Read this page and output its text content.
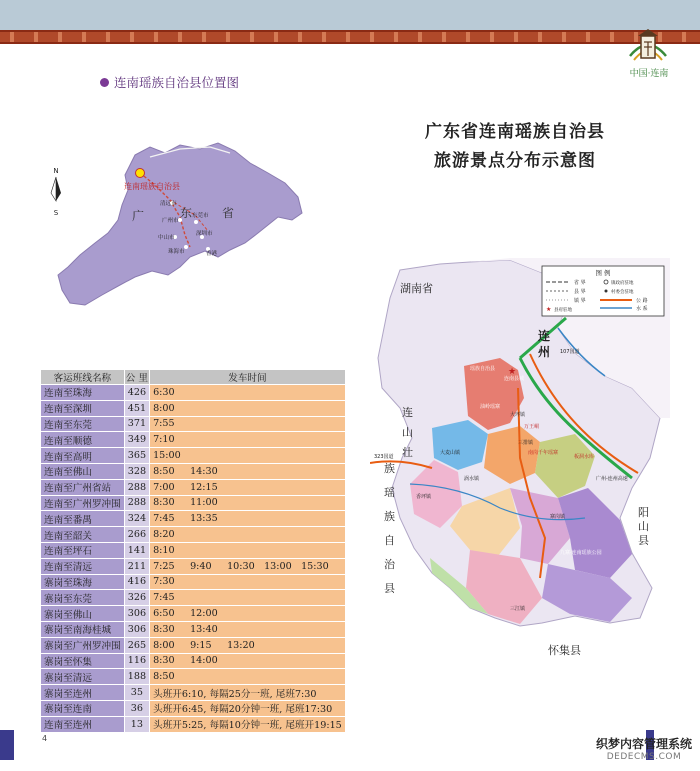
中国·连南
连南瑶族自治县位置图
连南瑶族自治县
广	东 省
清远市
广州市
东莞市
中山市
珠海市
深圳市
香港
N
S
广东省连南瑶族自治县
旅游景点分布示意图
图 例
省 界
县 界
镇 界
镇政府驻地
村委会驻地
公 路
水 系
★ 县府驻地
湖南省
连
州
连
山
壮
族
瑶
族
自
治
县
阳
山
县
怀集县
107国道
323国道
广州-连州高速
瑶族自治县
连南县城
大坪镇
寨岗镇
香坪镇
涡水镇
大麦山镇
三江镇
三排镇
南岗千年瑶寨
万王峒
油岭瑶寨
九寨·连南瑶族公园
板洞水库
★
客运班线名称	公 里	发车时间
连南至珠海	426	6:30
连南至深圳	451	8:00
连南至东莞	371	7:55
连南至顺德	349	7:10
连南至高明	365	15:00
连南至佛山	328	8:50 14:30
连南至广州省站	288	7:00 12:15
连南至广州罗冲围	288	8:30 11:00
连南至番禺	324	7:45 13:35
连南至韶关	266	8:20
连南至坪石	141	8:10
连南至清远	211	7:25 9:40 10:30 13:00 15:30
寨岗至珠海	416	7:30
寨岗至东莞	326	7:45
寨岗至佛山	306	6:50 12:00
寨岗至南海桂城	306	8:30 13:40
寨岗至广州罗冲围	265	8:00 9:15 13:20
寨岗至怀集	116	8:30 14:00
寨岗至清远	188	8:50
寨岗至连州	35	头班开6:10, 每隔25分一班, 尾班7:30
寨岗至连南	36	头班开6:45, 每隔20分钟一班, 尾班17:30
连南至连州	13	头班开5:25, 每隔10分钟一班, 尾班开19:15
4	织梦内容管理系统
DEDECMS.COM
